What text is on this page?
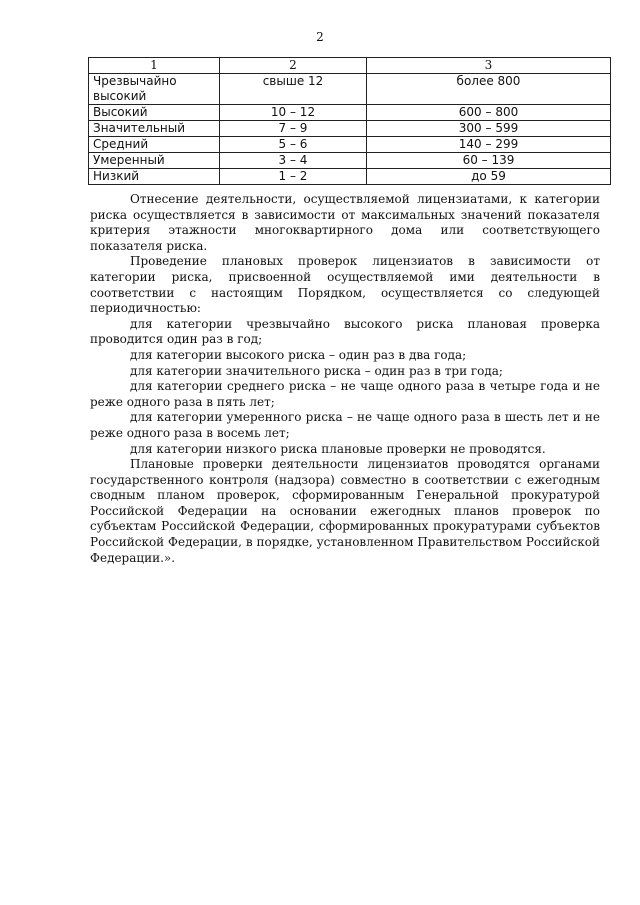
2
1	2	3
Чрезвычайно высокий	свыше 12	более 800
Высокий	10 – 12	600 – 800
Значительный	7 – 9	300 – 599
Средний	5 – 6	140 – 299
Умеренный	3 – 4	60 – 139
Низкий	1 – 2	до 59

Отнесение деятельности, осуществляемой лицензиатами, к категории риска осуществляется в зависимости от максимальных значений показателя критерия этажности многоквартирного дома или соответствующего показателя риска.

Проведение плановых проверок лицензиатов в зависимости от категории риска, присвоенной осуществляемой ими деятельности в соответствии с настоящим Порядком, осуществляется со следующей периодичностью:

для категории чрезвычайно высокого риска плановая проверка проводится один раз в год;

для категории высокого риска – один раз в два года;

для категории значительного риска – один раз в три года;

для категории среднего риска – не чаще одного раза в четыре года и не реже одного раза в пять лет;

для категории умеренного риска – не чаще одного раза в шесть лет и не реже одного раза в восемь лет;

для категории низкого риска плановые проверки не проводятся.

Плановые проверки деятельности лицензиатов проводятся органами государственного контроля (надзора) совместно в соответствии с ежегодным сводным планом проверок, сформированным Генеральной прокуратурой Российской Федерации на основании ежегодных планов проверок по субъектам Российской Федерации, сформированных прокуратурами субъектов Российской Федерации, в порядке, установленном Правительством Российской Федерации.».
